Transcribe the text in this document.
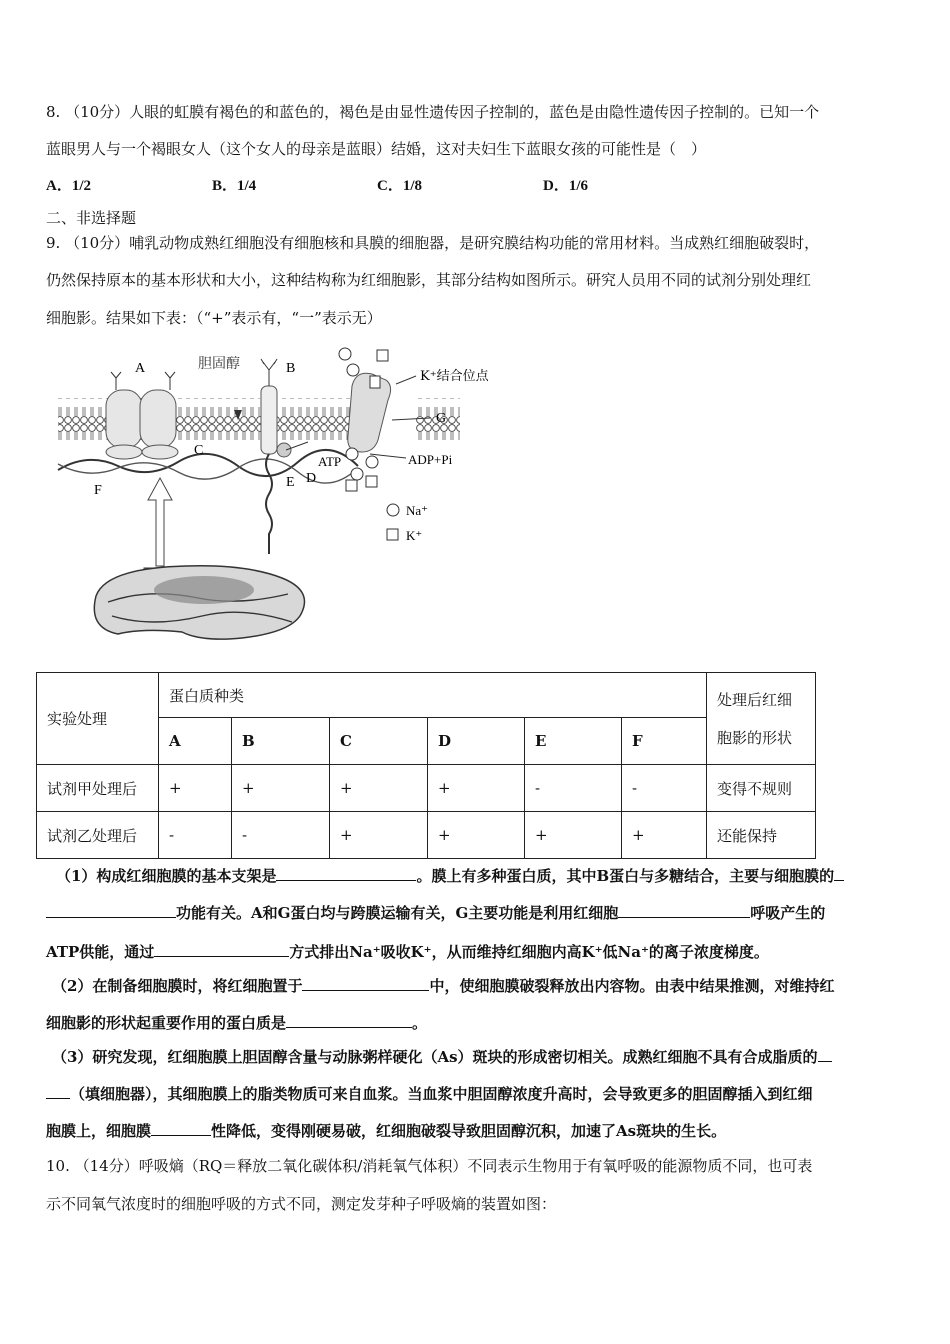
8. （10分）人眼的虹膜有褐色的和蓝色的，褐色是由显性遗传因子控制的，蓝色是由隐性遗传因子控制的。已知一个
蓝眼男人与一个褐眼女人（这个女人的母亲是蓝眼）结婚，这对夫妇生下蓝眼女孩的可能性是（　）
A．1/2	B．1/4	C．1/8	D．1/6
二、非选择题
9. （10分）哺乳动物成熟红细胞没有细胞核和具膜的细胞器，是研究膜结构功能的常用材料。当成熟红细胞破裂时，
仍然保持原本的基本形状和大小，这种结构称为红细胞影，其部分结构如图所示。研究人员用不同的试剂分别处理红
细胞影。结果如下表：（“+”表示有，“一”表示无）
A	胆固醇	B
C
D
E
F
G
K⁺结合位点
ATP	ADP+Pi
Na⁺
K⁺
实验处理	蛋白质种类						处理后红细
胞影的形状

	A	B	C	D	E	F	
试剂甲处理后	+	+	+	+	-	-	变得不规则
试剂乙处理后	-	-	+	+	+	+	还能保持
（1）构成红细胞膜的基本支架是	。膜上有多种蛋白质，其中B蛋白与多糖结合，主要与细胞膜的
功能有关。A和G蛋白均与跨膜运输有关，G主要功能是利用红细胞	呼吸产生的
ATP供能，通过	方式排出Na⁺吸收K⁺，从而维持红细胞内高K⁺低Na⁺的离子浓度梯度。
（2）在制备细胞膜时，将红细胞置于	中，使细胞膜破裂释放出内容物。由表中结果推测，对维持红
细胞影的形状起重要作用的蛋白质是	。
（3）研究发现，红细胞膜上胆固醇含量与动脉粥样硬化（As）斑块的形成密切相关。成熟红细胞不具有合成脂质的
（填细胞器），其细胞膜上的脂类物质可来自血浆。当血浆中胆固醇浓度升高时，会导致更多的胆固醇插入到红细
胞膜上，细胞膜	性降低，变得刚硬易破，红细胞破裂导致胆固醇沉积，加速了As斑块的生长。
10. （14分）呼吸熵（RQ＝释放二氧化碳体积/消耗氧气体积）不同表示生物用于有氧呼吸的能源物质不同，也可表
示不同氧气浓度时的细胞呼吸的方式不同，测定发芽种子呼吸熵的装置如图：
